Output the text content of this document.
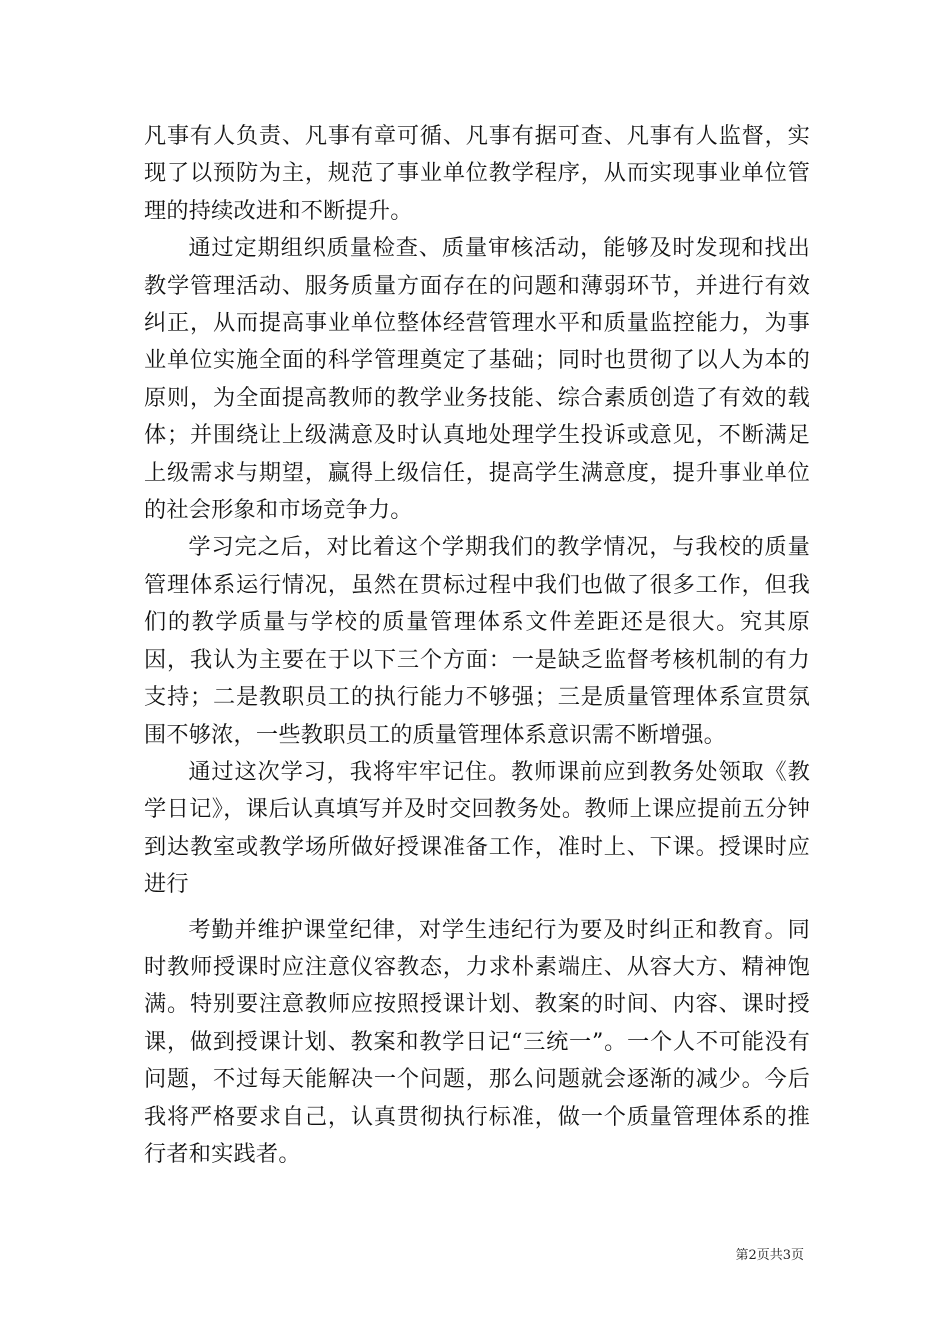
凡事有人负责、凡事有章可循、凡事有据可查、凡事有人监督，实现了以预防为主，规范了事业单位教学程序，从而实现事业单位管理的持续改进和不断提升。

通过定期组织质量检查、质量审核活动，能够及时发现和找出教学管理活动、服务质量方面存在的问题和薄弱环节，并进行有效纠正，从而提高事业单位整体经营管理水平和质量监控能力，为事业单位实施全面的科学管理奠定了基础；同时也贯彻了以人为本的原则，为全面提高教师的教学业务技能、综合素质创造了有效的载体；并围绕让上级满意及时认真地处理学生投诉或意见，不断满足上级需求与期望，赢得上级信任，提高学生满意度，提升事业单位的社会形象和市场竞争力。

学习完之后，对比着这个学期我们的教学情况，与我校的质量管理体系运行情况，虽然在贯标过程中我们也做了很多工作，但我们的教学质量与学校的质量管理体系文件差距还是很大。究其原因，我认为主要在于以下三个方面：一是缺乏监督考核机制的有力支持；二是教职员工的执行能力不够强；三是质量管理体系宣贯氛围不够浓，一些教职员工的质量管理体系意识需不断增强。

通过这次学习，我将牢牢记住。教师课前应到教务处领取《教学日记》，课后认真填写并及时交回教务处。教师上课应提前五分钟到达教室或教学场所做好授课准备工作，准时上、下课。授课时应进行

考勤并维护课堂纪律，对学生违纪行为要及时纠正和教育。同时教师授课时应注意仪容教态，力求朴素端庄、从容大方、精神饱满。特别要注意教师应按照授课计划、教案的时间、内容、课时授课，做到授课计划、教案和教学日记“三统一”。一个人不可能没有问题，不过每天能解决一个问题，那么问题就会逐渐的减少。今后我将严格要求自己，认真贯彻执行标准，做一个质量管理体系的推行者和实践者。

第2页共3页
